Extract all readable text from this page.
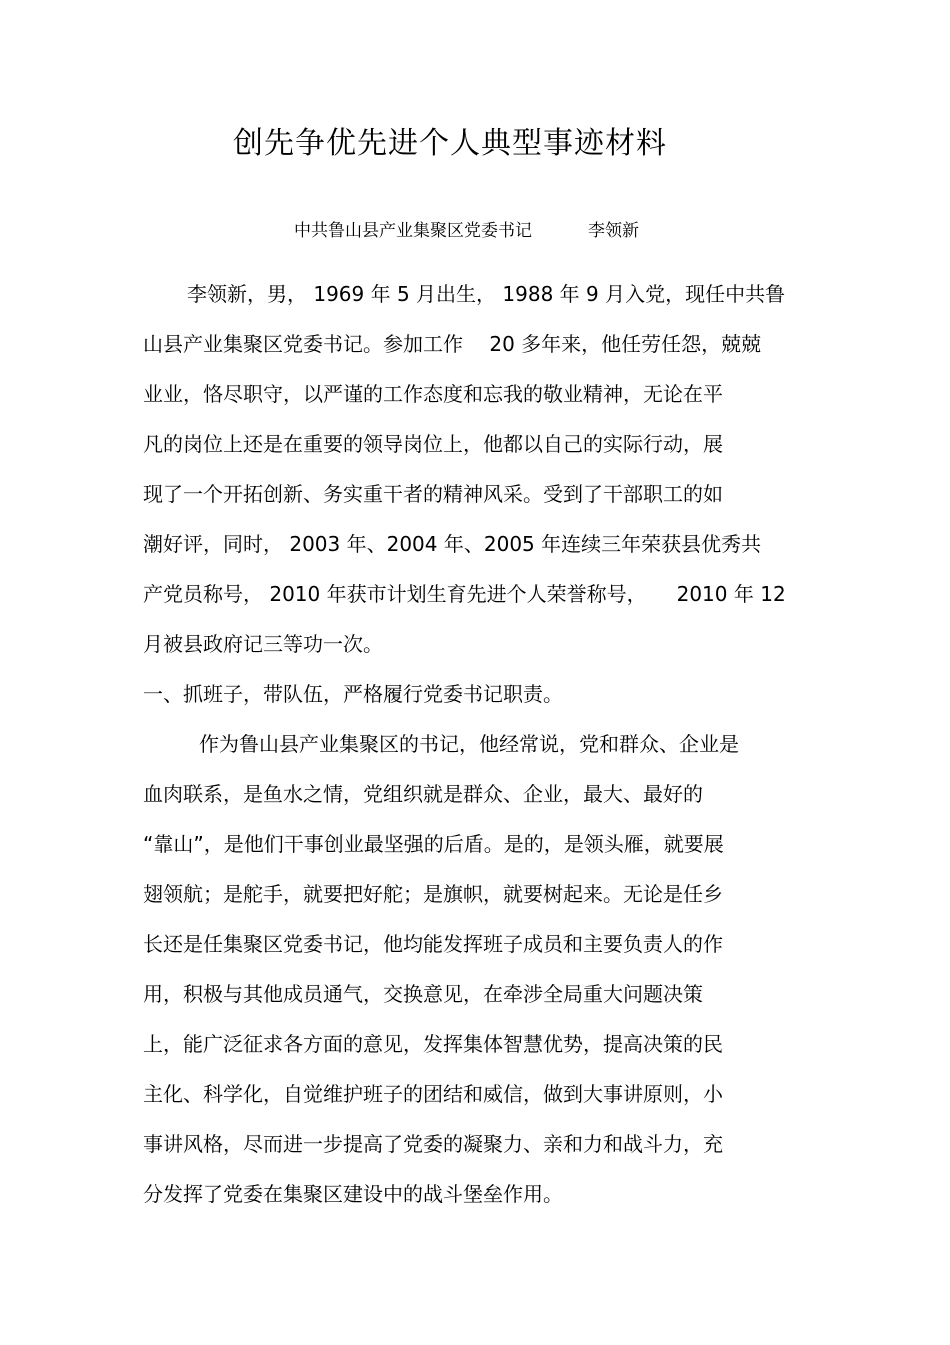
创先争优先进个人典型事迹材料
中共鲁山县产业集聚区党委书记	李领新
李领新，男， 1969 年 5 月出生， 1988 年 9 月入党，现任中共鲁
山县产业集聚区党委书记。参加工作　 20 多年来，他任劳任怨，兢兢
业业，恪尽职守，以严谨的工作态度和忘我的敬业精神，无论在平
凡的岗位上还是在重要的领导岗位上，他都以自己的实际行动，展
现了一个开拓创新、务实重干者的精神风采。受到了干部职工的如
潮好评，同时， 2003 年、2004 年、2005 年连续三年荣获县优秀共
产党员称号， 2010 年获市计划生育先进个人荣誉称号，　　2010 年 12
月被县政府记三等功一次。
一、抓班子，带队伍，严格履行党委书记职责。
作为鲁山县产业集聚区的书记，他经常说，党和群众、企业是
血肉联系，是鱼水之情，党组织就是群众、企业，最大、最好的
“靠山”，是他们干事创业最坚强的后盾。是的，是领头雁，就要展
翅领航；是舵手，就要把好舵；是旗帜，就要树起来。无论是任乡
长还是任集聚区党委书记，他均能发挥班子成员和主要负责人的作
用，积极与其他成员通气，交换意见，在牵涉全局重大问题决策
上，能广泛征求各方面的意见，发挥集体智慧优势，提高决策的民
主化、科学化，自觉维护班子的团结和威信，做到大事讲原则，小
事讲风格，尽而进一步提高了党委的凝聚力、亲和力和战斗力，充
分发挥了党委在集聚区建设中的战斗堡垒作用。
